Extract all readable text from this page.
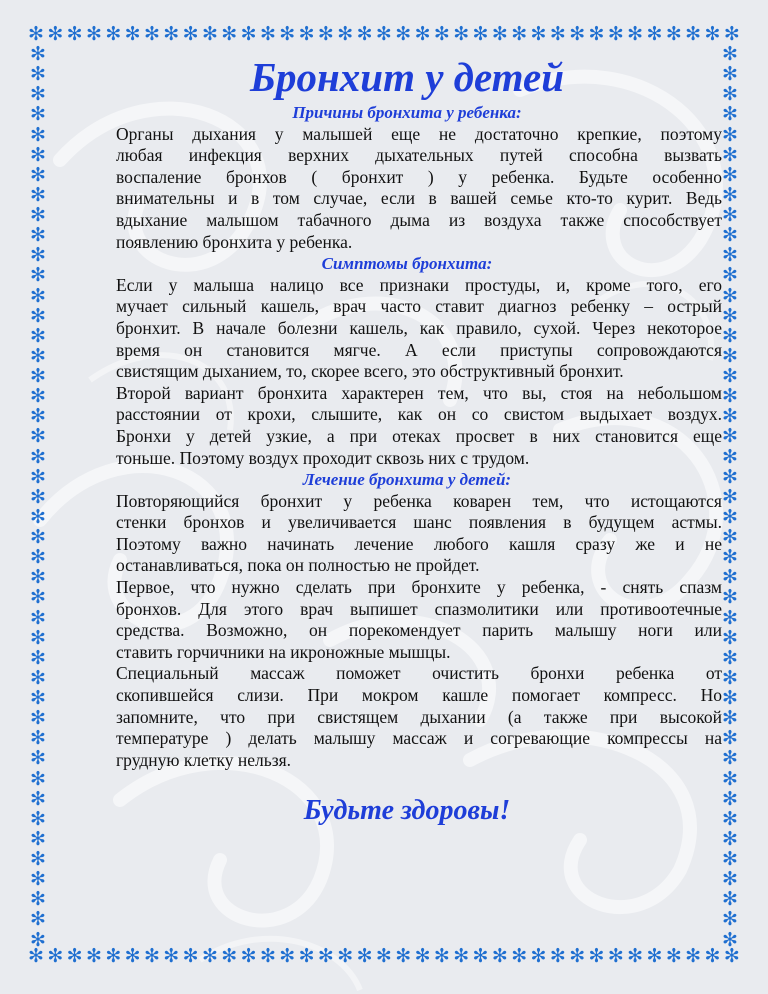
✻ ✻ ✻ ✻ ✻ ✻ ✻ ✻ ✻ ✻ ✻ ✻ ✻ ✻ ✻ ✻ ✻ ✻ ✻ ✻ ✻ ✻ ✻ ✻ ✻ ✻ ✻ ✻ ✻ ✻ ✻ ✻ ✻ ✻ ✻ ✻ ✻
✻ ✻ ✻ ✻ ✻ ✻ ✻ ✻ ✻ ✻ ✻ ✻ ✻ ✻ ✻ ✻ ✻ ✻ ✻ ✻ ✻ ✻ ✻ ✻ ✻ ✻ ✻ ✻ ✻ ✻ ✻ ✻ ✻ ✻ ✻ ✻ ✻
✻
✻
✻
✻
✻
✻
✻
✻
✻
✻
✻
✻
✻
✻
✻
✻
✻
✻
✻
✻
✻
✻
✻
✻
✻
✻
✻
✻
✻
✻
✻
✻
✻
✻
✻
✻
✻
✻
✻
✻
✻
✻
✻
✻
✻
✻
✻
✻
✻
✻
✻
✻
✻
✻
✻
✻
✻
✻
✻
✻
✻
✻
✻
✻
✻
✻
✻
✻
✻
✻
✻
✻
✻
✻
✻
✻
✻
✻
✻
✻
✻
✻
✻
✻
✻
✻
✻
✻
✻
✻
Бронхит у детей
Причины бронхита у ребенка:

Органы дыхания у малышей еще не достаточно крепкие, поэтому
любая инфекция верхних дыхательных путей способна вызвать
воспаление бронхов ( бронхит ) у ребенка. Будьте особенно
внимательны и в том случае, если в вашей семье кто-то курит. Ведь
вдыхание малышом табачного дыма из воздуха также способствует
появлению бронхита у ребенка.

Симптомы бронхита:

Если у малыша налицо все признаки простуды, и, кроме того, его
мучает сильный кашель, врач часто ставит диагноз ребенку – острый
бронхит. В начале болезни кашель, как правило, сухой. Через некоторое
время он становится мягче. А если приступы сопровождаются
свистящим дыханием, то, скорее всего, это обструктивный бронхит.

Второй вариант бронхита характерен тем, что вы, стоя на небольшом
расстоянии от крохи, слышите, как он со свистом выдыхает воздух.
Бронхи у детей узкие, а при отеках просвет в них становится еще
тоньше. Поэтому воздух проходит сквозь них с трудом.

Лечение бронхита у детей:

Повторяющийся бронхит у ребенка коварен тем, что истощаются
стенки бронхов и увеличивается шанс появления в будущем астмы.
Поэтому важно начинать лечение любого кашля сразу же и не
останавливаться, пока он полностью не пройдет.

Первое, что нужно сделать при бронхите у ребенка, - снять спазм
бронхов. Для этого врач выпишет спазмолитики или противоотечные
средства. Возможно, он порекомендует парить малышу ноги или
ставить горчичники на икроножные мышцы.

Специальный массаж поможет очистить бронхи ребенка от
скопившейся слизи. При мокром кашле помогает компресс. Но
запомните, что при свистящем дыхании (а также при высокой
температуре ) делать малышу массаж и согревающие компрессы на
грудную клетку нельзя.

Будьте здоровы!
